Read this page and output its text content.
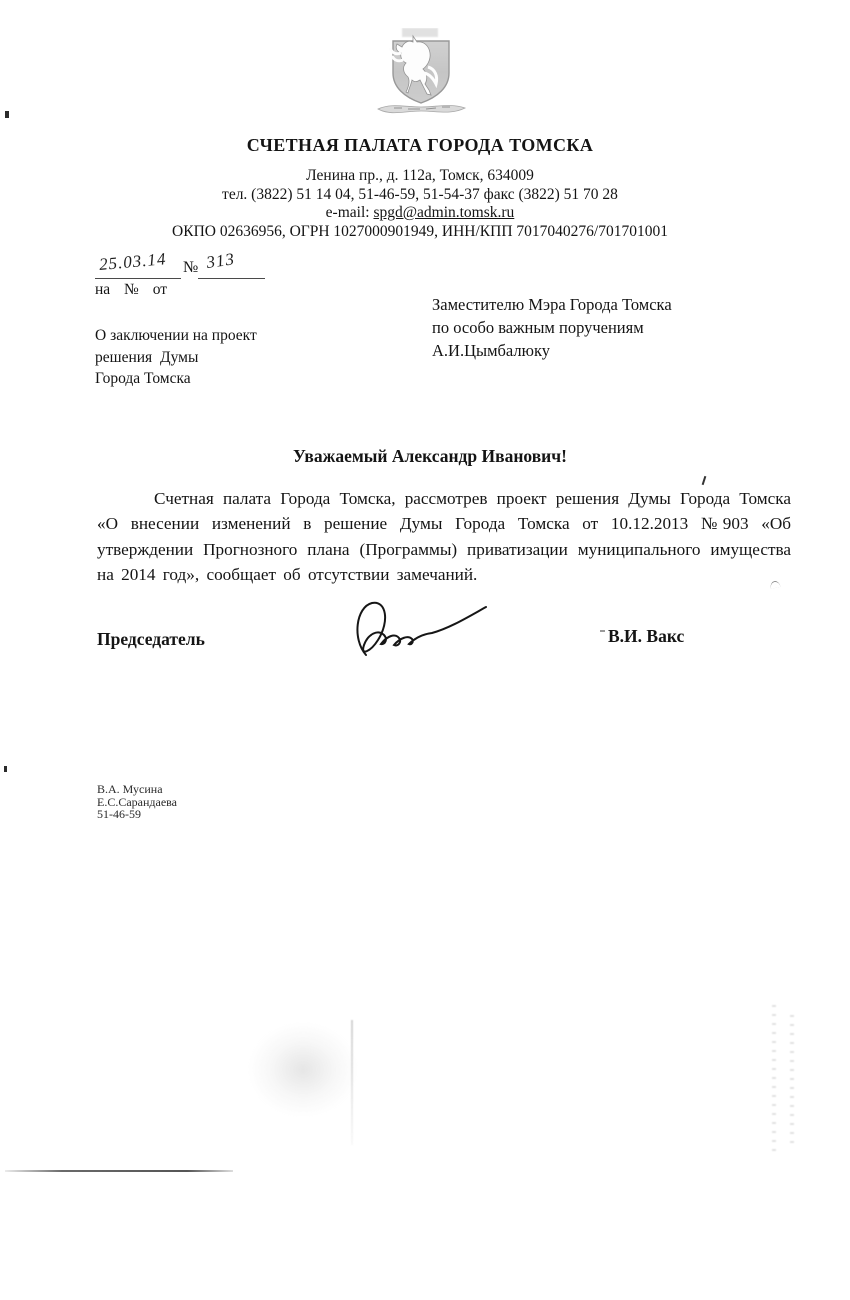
СЧЕТНАЯ ПАЛАТА ГОРОДА ТОМСКА
Ленина пр., д. 112а, Томск, 634009
тел. (3822) 51 14 04, 51-46-59, 51-54-37 факс (3822) 51 70 28
e-mail: spgd@admin.tomsk.ru
ОКПО 02636956, ОГРН 1027000901949, ИНН/КПП 7017040276/701701001
25.03.14 № 313
на № от
Заместителю Мэра Города Томска
по особо важным поручениям
А.И.Цымбалюку
О заключении на проект
решения Думы
Города Томска
Уважаемый Александр Иванович!
Счетная палата Города Томска, рассмотрев проект решения Думы Города Томска «О внесении изменений в решение Думы Города Томска от 10.12.2013 №903 «Об утверждении Прогнозного плана (Программы) приватизации муниципального имущества на 2014 год», сообщает об отсутствии замечаний.
Председатель	В.И. Вакс
В.А. Мусина
Е.С.Сарандаева
51-46-59
